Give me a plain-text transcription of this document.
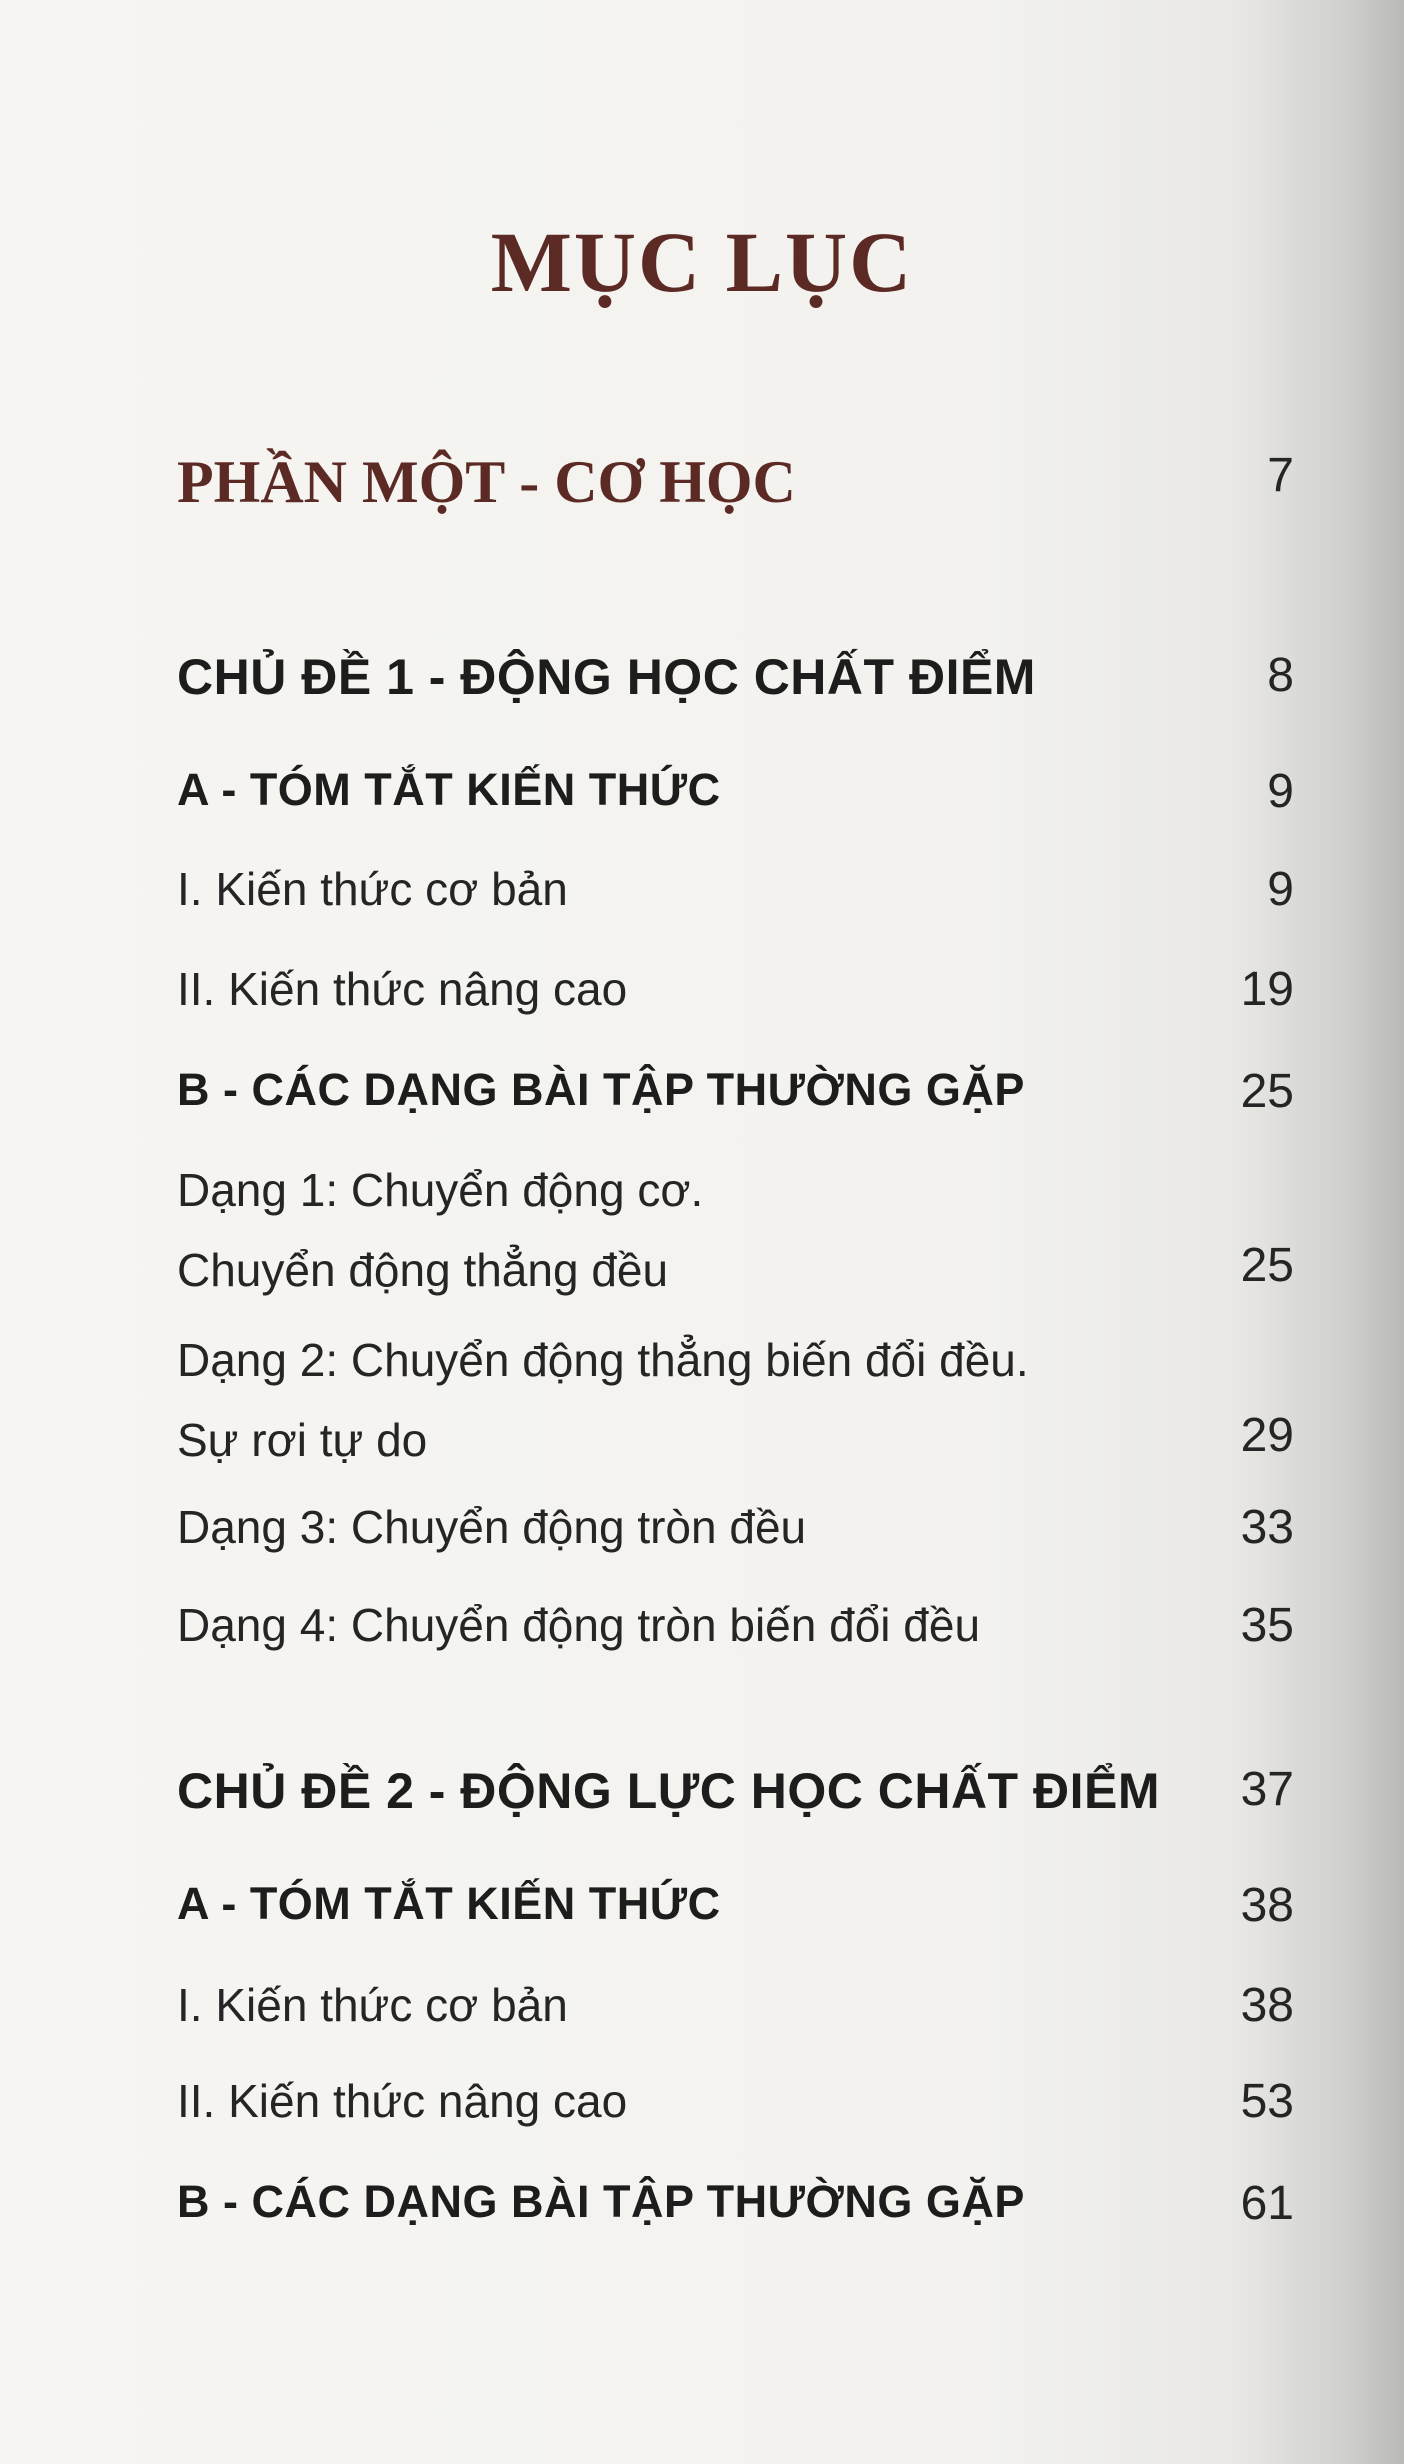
MỤC LỤC
PHẦN MỘT - CƠ HỌC	7
CHỦ ĐỀ 1 - ĐỘNG HỌC CHẤT ĐIỂM	8
A - TÓM TẮT KIẾN THỨC	9
I. Kiến thức cơ bản	9
II. Kiến thức nâng cao	19
B - CÁC DẠNG BÀI TẬP THƯỜNG GẶP	25
Dạng 1: Chuyển động cơ.
Chuyển động thẳng đều	25
Dạng 2: Chuyển động thẳng biến đổi đều.
Sự rơi tự do	29
Dạng 3: Chuyển động tròn đều	33
Dạng 4: Chuyển động tròn biến đổi đều	35
CHỦ ĐỀ 2 - ĐỘNG LỰC HỌC CHẤT ĐIỂM 37
A - TÓM TẮT KIẾN THỨC	38
I. Kiến thức cơ bản	38
II. Kiến thức nâng cao	53
B - CÁC DẠNG BÀI TẬP THƯỜNG GẶP	61
